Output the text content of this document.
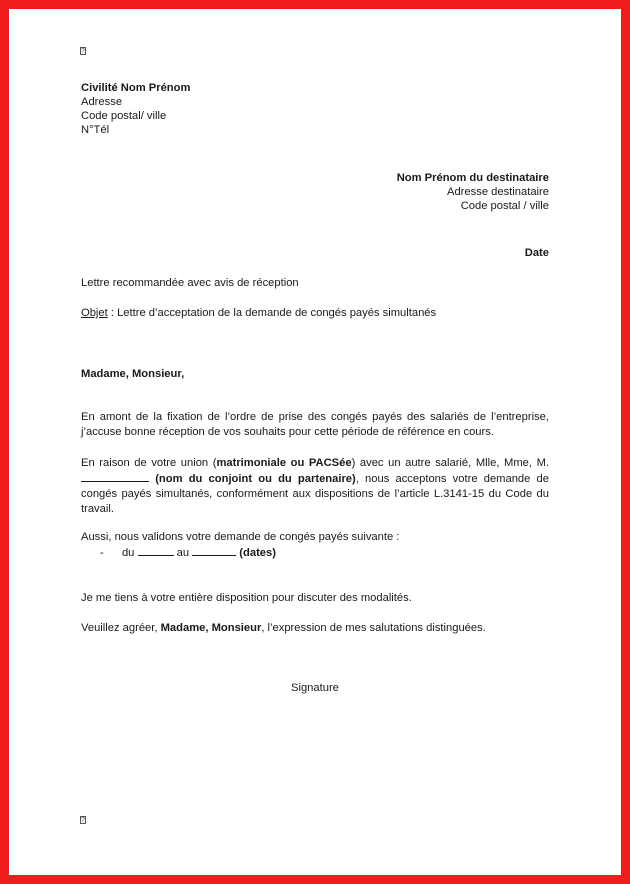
?
Civilité Nom Prénom
Adresse
Code postal/ ville
N°Tél
Nom Prénom du destinataire
Adresse destinataire
Code postal / ville
Date
Lettre recommandée avec avis de réception
Objet : Lettre d’acceptation de la demande de congés payés simultanés
Madame, Monsieur,
En amont de la fixation de l’ordre de prise des congés payés des salariés de l’entreprise, j’accuse bonne réception de vos souhaits pour cette période de référence en cours.
En raison de votre union (matrimoniale ou PACSée) avec un autre salarié, Mlle, Mme, M.  (nom du conjoint ou du partenaire), nous acceptons votre demande de congés payés simultanés, conformément aux dispositions de l’article L.3141-15 du Code du travail.
Aussi, nous validons votre demande de congés payés suivante :
- du	au	(dates)
Je me tiens à votre entière disposition pour discuter des modalités.
Veuillez agréer, Madame, Monsieur, l’expression de mes salutations distinguées.
Signature
?
